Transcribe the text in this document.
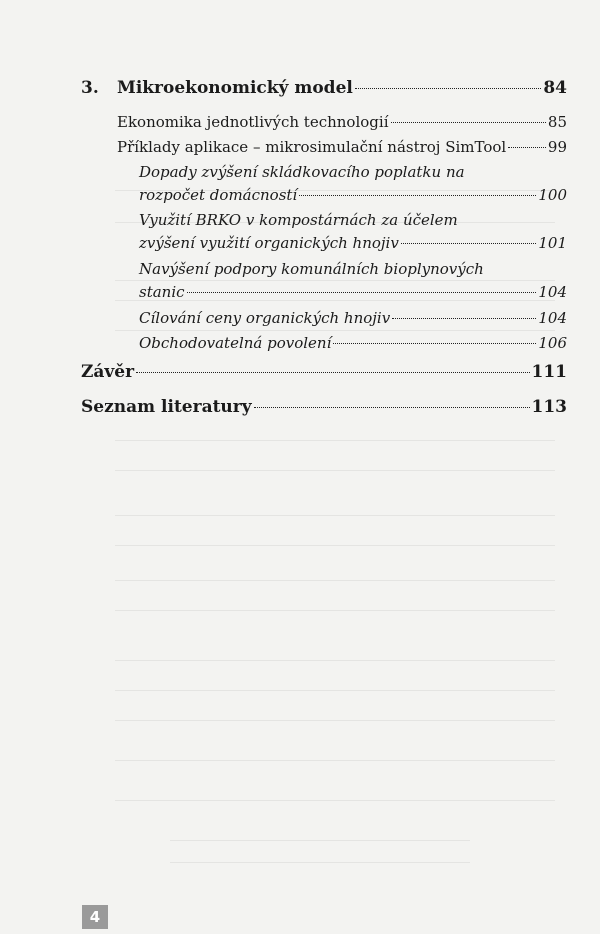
3.	Mikroekonomický model	84
Ekonomika jednotlivých technologií	85
Příklady aplikace – mikrosimulační nástroj SimTool	99
Dopady zvýšení skládkovacího poplatku na
rozpočet domácností	100
Využití BRKO v kompostárnách za účelem
zvýšení využití organických hnojiv	101
Navýšení podpory komunálních bioplynových
stanic	104
Cílování ceny organických hnojiv	104
Obchodovatelná povolení	106
Závěr	111
Seznam literatury	113
4
